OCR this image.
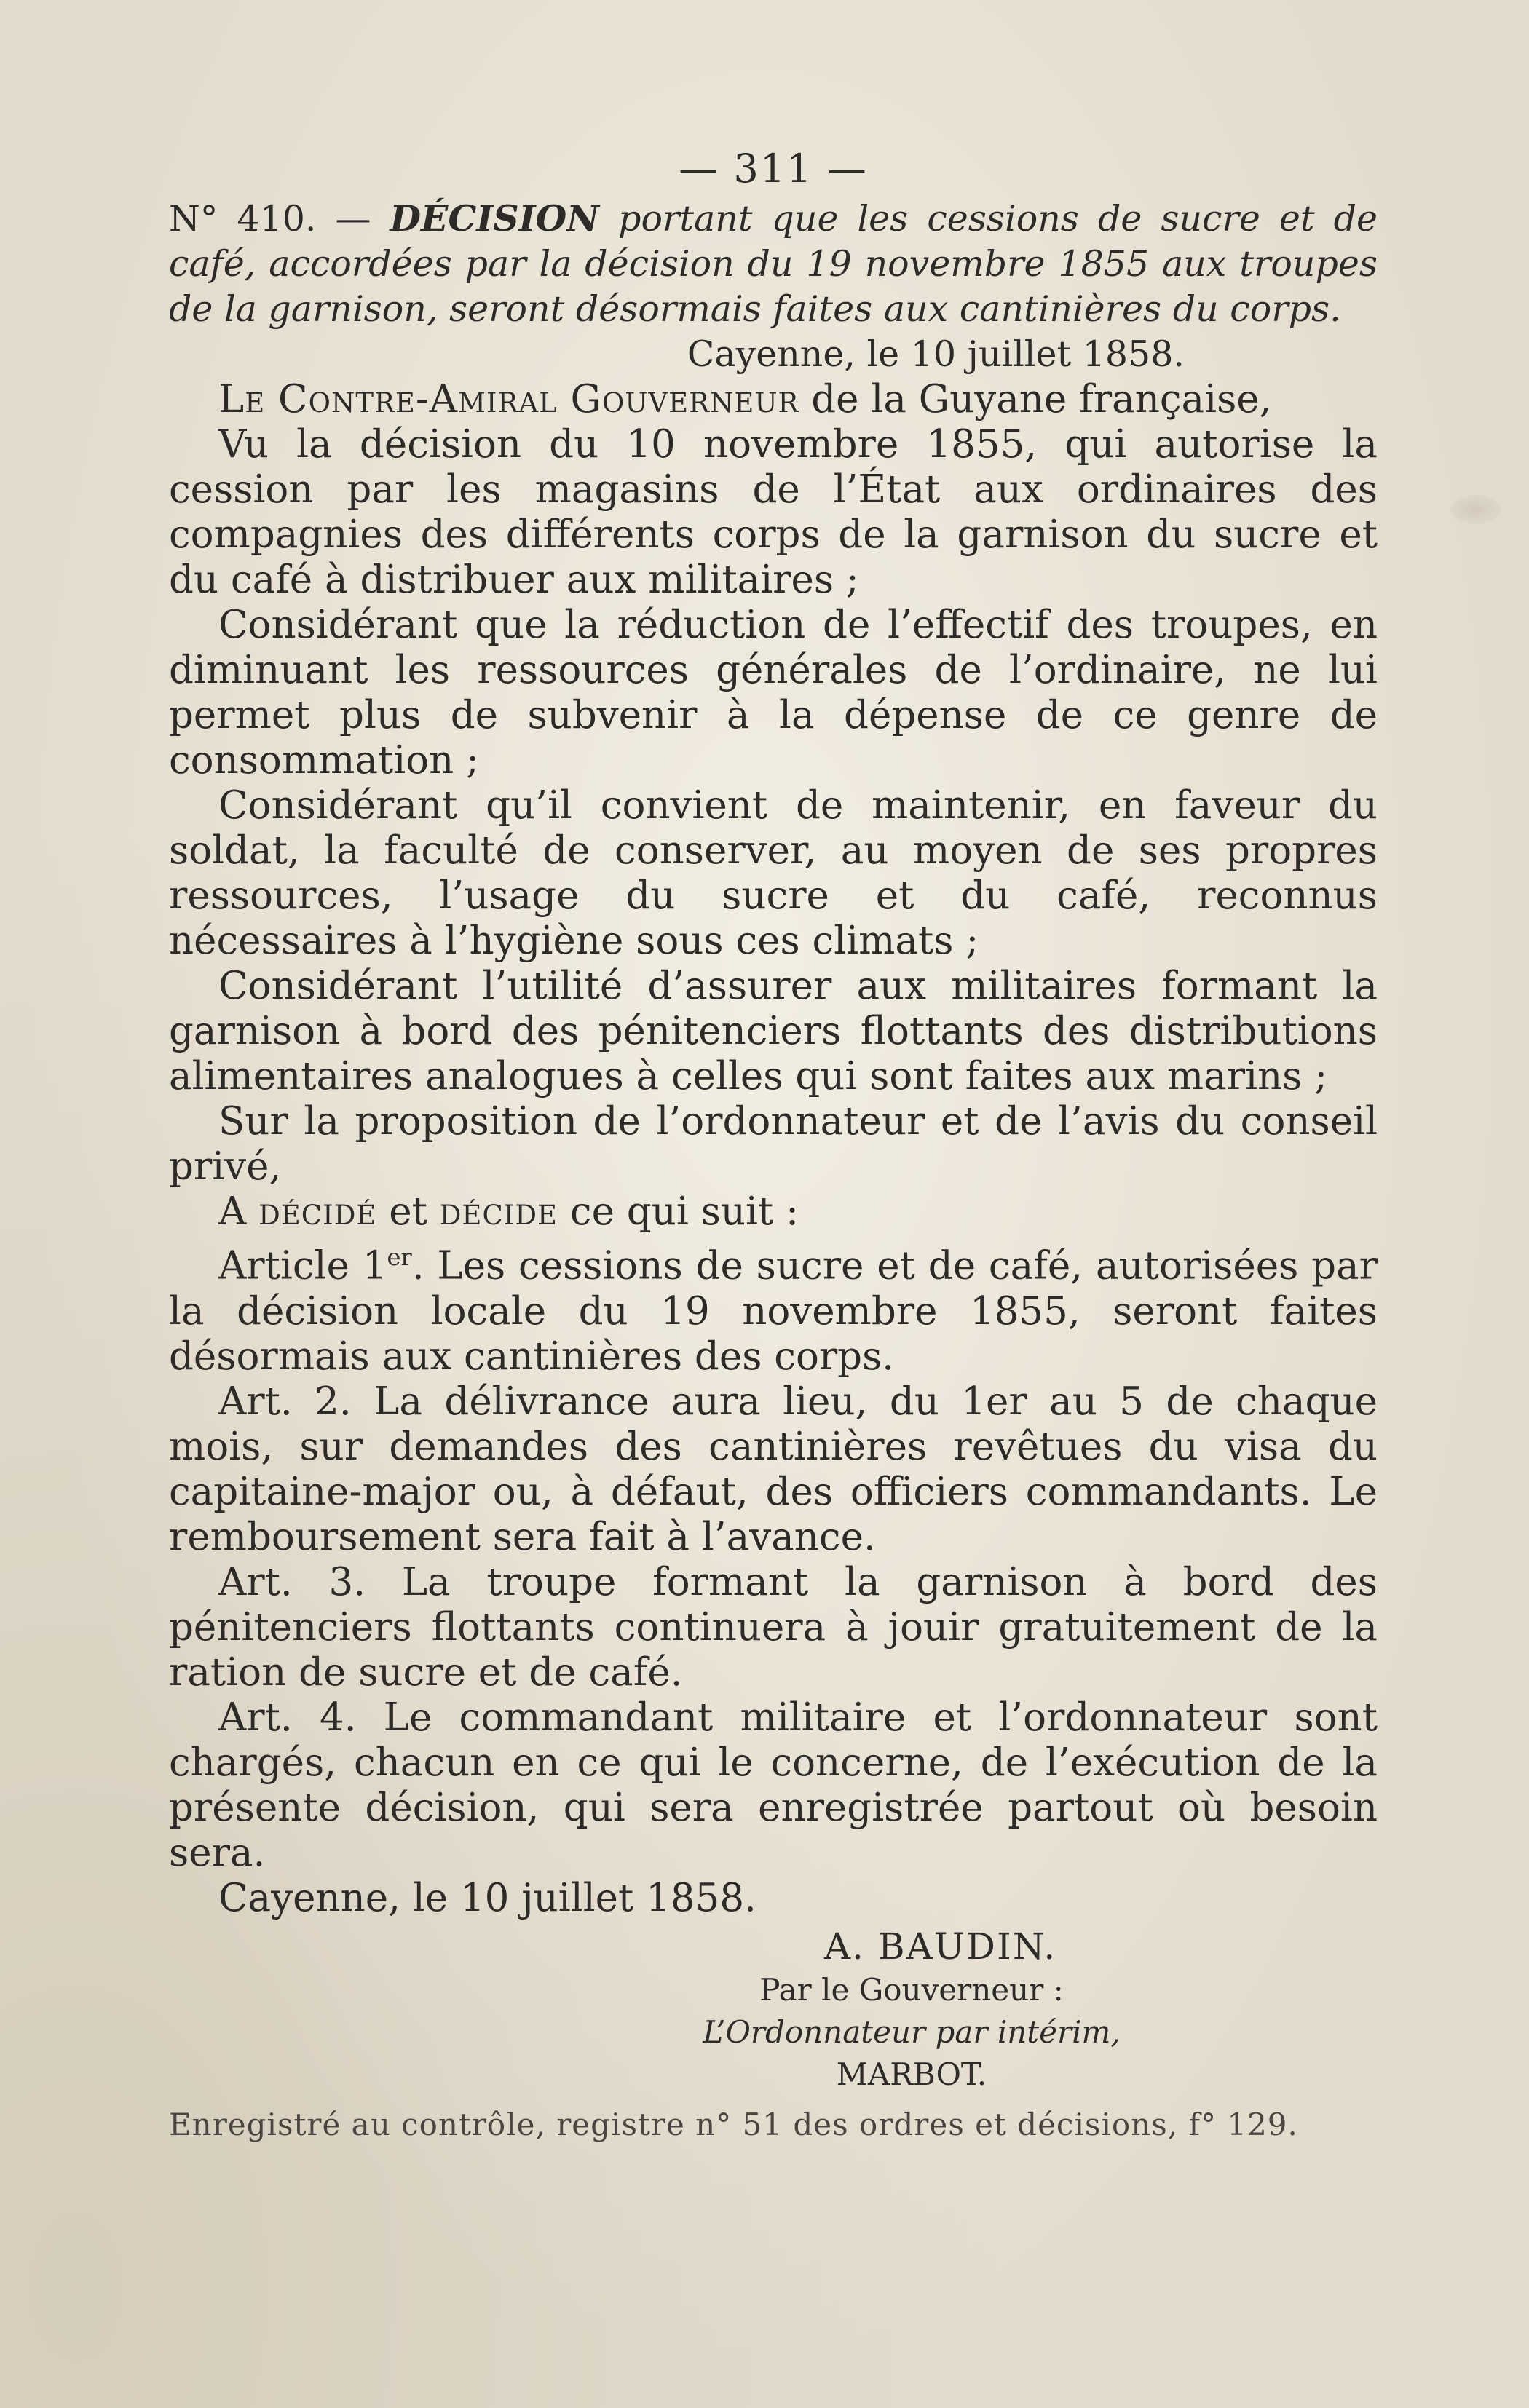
— 311 —

N° 410. — DÉCISION portant que les cessions de sucre et de café, accordées par la décision du 19 novembre 1855 aux troupes de la garnison, seront désormais faites aux cantinières du corps.

Cayenne, le 10 juillet 1858.

Le Contre-Amiral Gouverneur de la Guyane française,

Vu la décision du 10 novembre 1855, qui autorise la cession par les magasins de l’État aux ordinaires des compagnies des différents corps de la garnison du sucre et du café à distribuer aux militaires ;

Considérant que la réduction de l’effectif des troupes, en diminuant les ressources générales de l’ordinaire, ne lui permet plus de subvenir à la dépense de ce genre de consommation ;

Considérant qu’il convient de maintenir, en faveur du soldat, la faculté de conserver, au moyen de ses propres ressources, l’usage du sucre et du café, reconnus nécessaires à l’hygiène sous ces climats ;

Considérant l’utilité d’assurer aux militaires formant la garnison à bord des pénitenciers flottants des distributions alimentaires analogues à celles qui sont faites aux marins ;

Sur la proposition de l’ordonnateur et de l’avis du conseil privé,

A décidé et décide ce qui suit :

Article 1er. Les cessions de sucre et de café, autorisées par la décision locale du 19 novembre 1855, seront faites désormais aux cantinières des corps.

Art. 2. La délivrance aura lieu, du 1er au 5 de chaque mois, sur demandes des cantinières revêtues du visa du capitaine-major ou, à défaut, des officiers commandants. Le remboursement sera fait à l’avance.

Art. 3. La troupe formant la garnison à bord des pénitenciers flottants continuera à jouir gratuitement de la ration de sucre et de café.

Art. 4. Le commandant militaire et l’ordonnateur sont chargés, chacun en ce qui le concerne, de l’exécution de la présente décision, qui sera enregistrée partout où besoin sera.

Cayenne, le 10 juillet 1858.

A. BAUDIN.

Par le Gouverneur :

L’Ordonnateur par intérim,

MARBOT.

Enregistré au contrôle, registre n° 51 des ordres et décisions, f° 129.
